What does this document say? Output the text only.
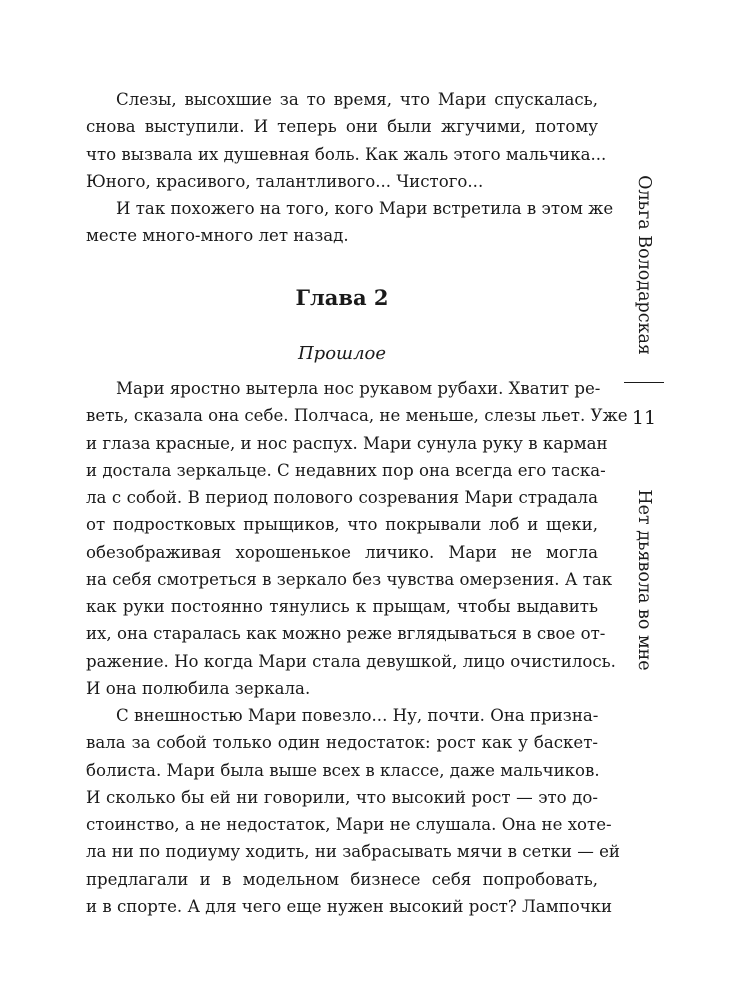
Слезы, высохшие за то время, что Мари спускалась,
снова выступили. И теперь они были жгучими, потому
что вызвала их душевная боль. Как жаль этого мальчика...
Юного, красивого, талантливого... Чистого...
И так похожего на того, кого Мари встретила в этом же
месте много-много лет назад.
Глава 2
Прошлое
Мари яростно вытерла нос рукавом рубахи. Хватит ре-
веть, сказала она себе. Полчаса, не меньше, слезы льет. Уже
и глаза красные, и нос распух. Мари сунула руку в карман
и достала зеркальце. С недавних пор она всегда его таска-
ла с собой. В период полового созревания Мари страдала
от подростковых прыщиков, что покрывали лоб и щеки,
обезображивая хорошенькое личико. Мари не могла
на себя смотреться в зеркало без чувства омерзения. А так
как руки постоянно тянулись к прыщам, чтобы выдавить
их, она старалась как можно реже вглядываться в свое от-
ражение. Но когда Мари стала девушкой, лицо очистилось.
И она полюбила зеркала.
С внешностью Мари повезло... Ну, почти. Она призна-
вала за собой только один недостаток: рост как у баскет-
болиста. Мари была выше всех в классе, даже мальчиков.
И сколько бы ей ни говорили, что высокий рост — это до-
стоинство, а не недостаток, Мари не слушала. Она не хоте-
ла ни по подиуму ходить, ни забрасывать мячи в сетки — ей
предлагали и в модельном бизнесе себя попробовать,
и в спорте. А для чего еще нужен высокий рост? Лампочки
Ольга Володарская
11
Нет дьявола во мне
